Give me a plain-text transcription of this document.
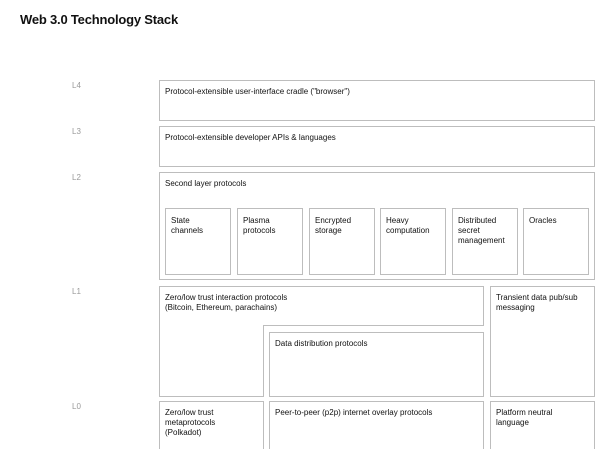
Web 3.0 Technology Stack
L4
L3
L2
L1
L0
Protocol-extensible user-interface cradle ("browser")
Protocol-extensible developer APIs & languages
Second layer protocols
State
channels
Plasma
protocols
Encrypted
storage
Heavy
computation
Distributed
secret
management
Oracles
Zero/low trust interaction protocols
(Bitcoin, Ethereum, parachains)
Transient data pub/sub
messaging
Data distribution protocols
Zero/low trust
metaprotocols
(Polkadot)
Peer-to-peer (p2p) internet overlay protocols	Platform neutral
language
